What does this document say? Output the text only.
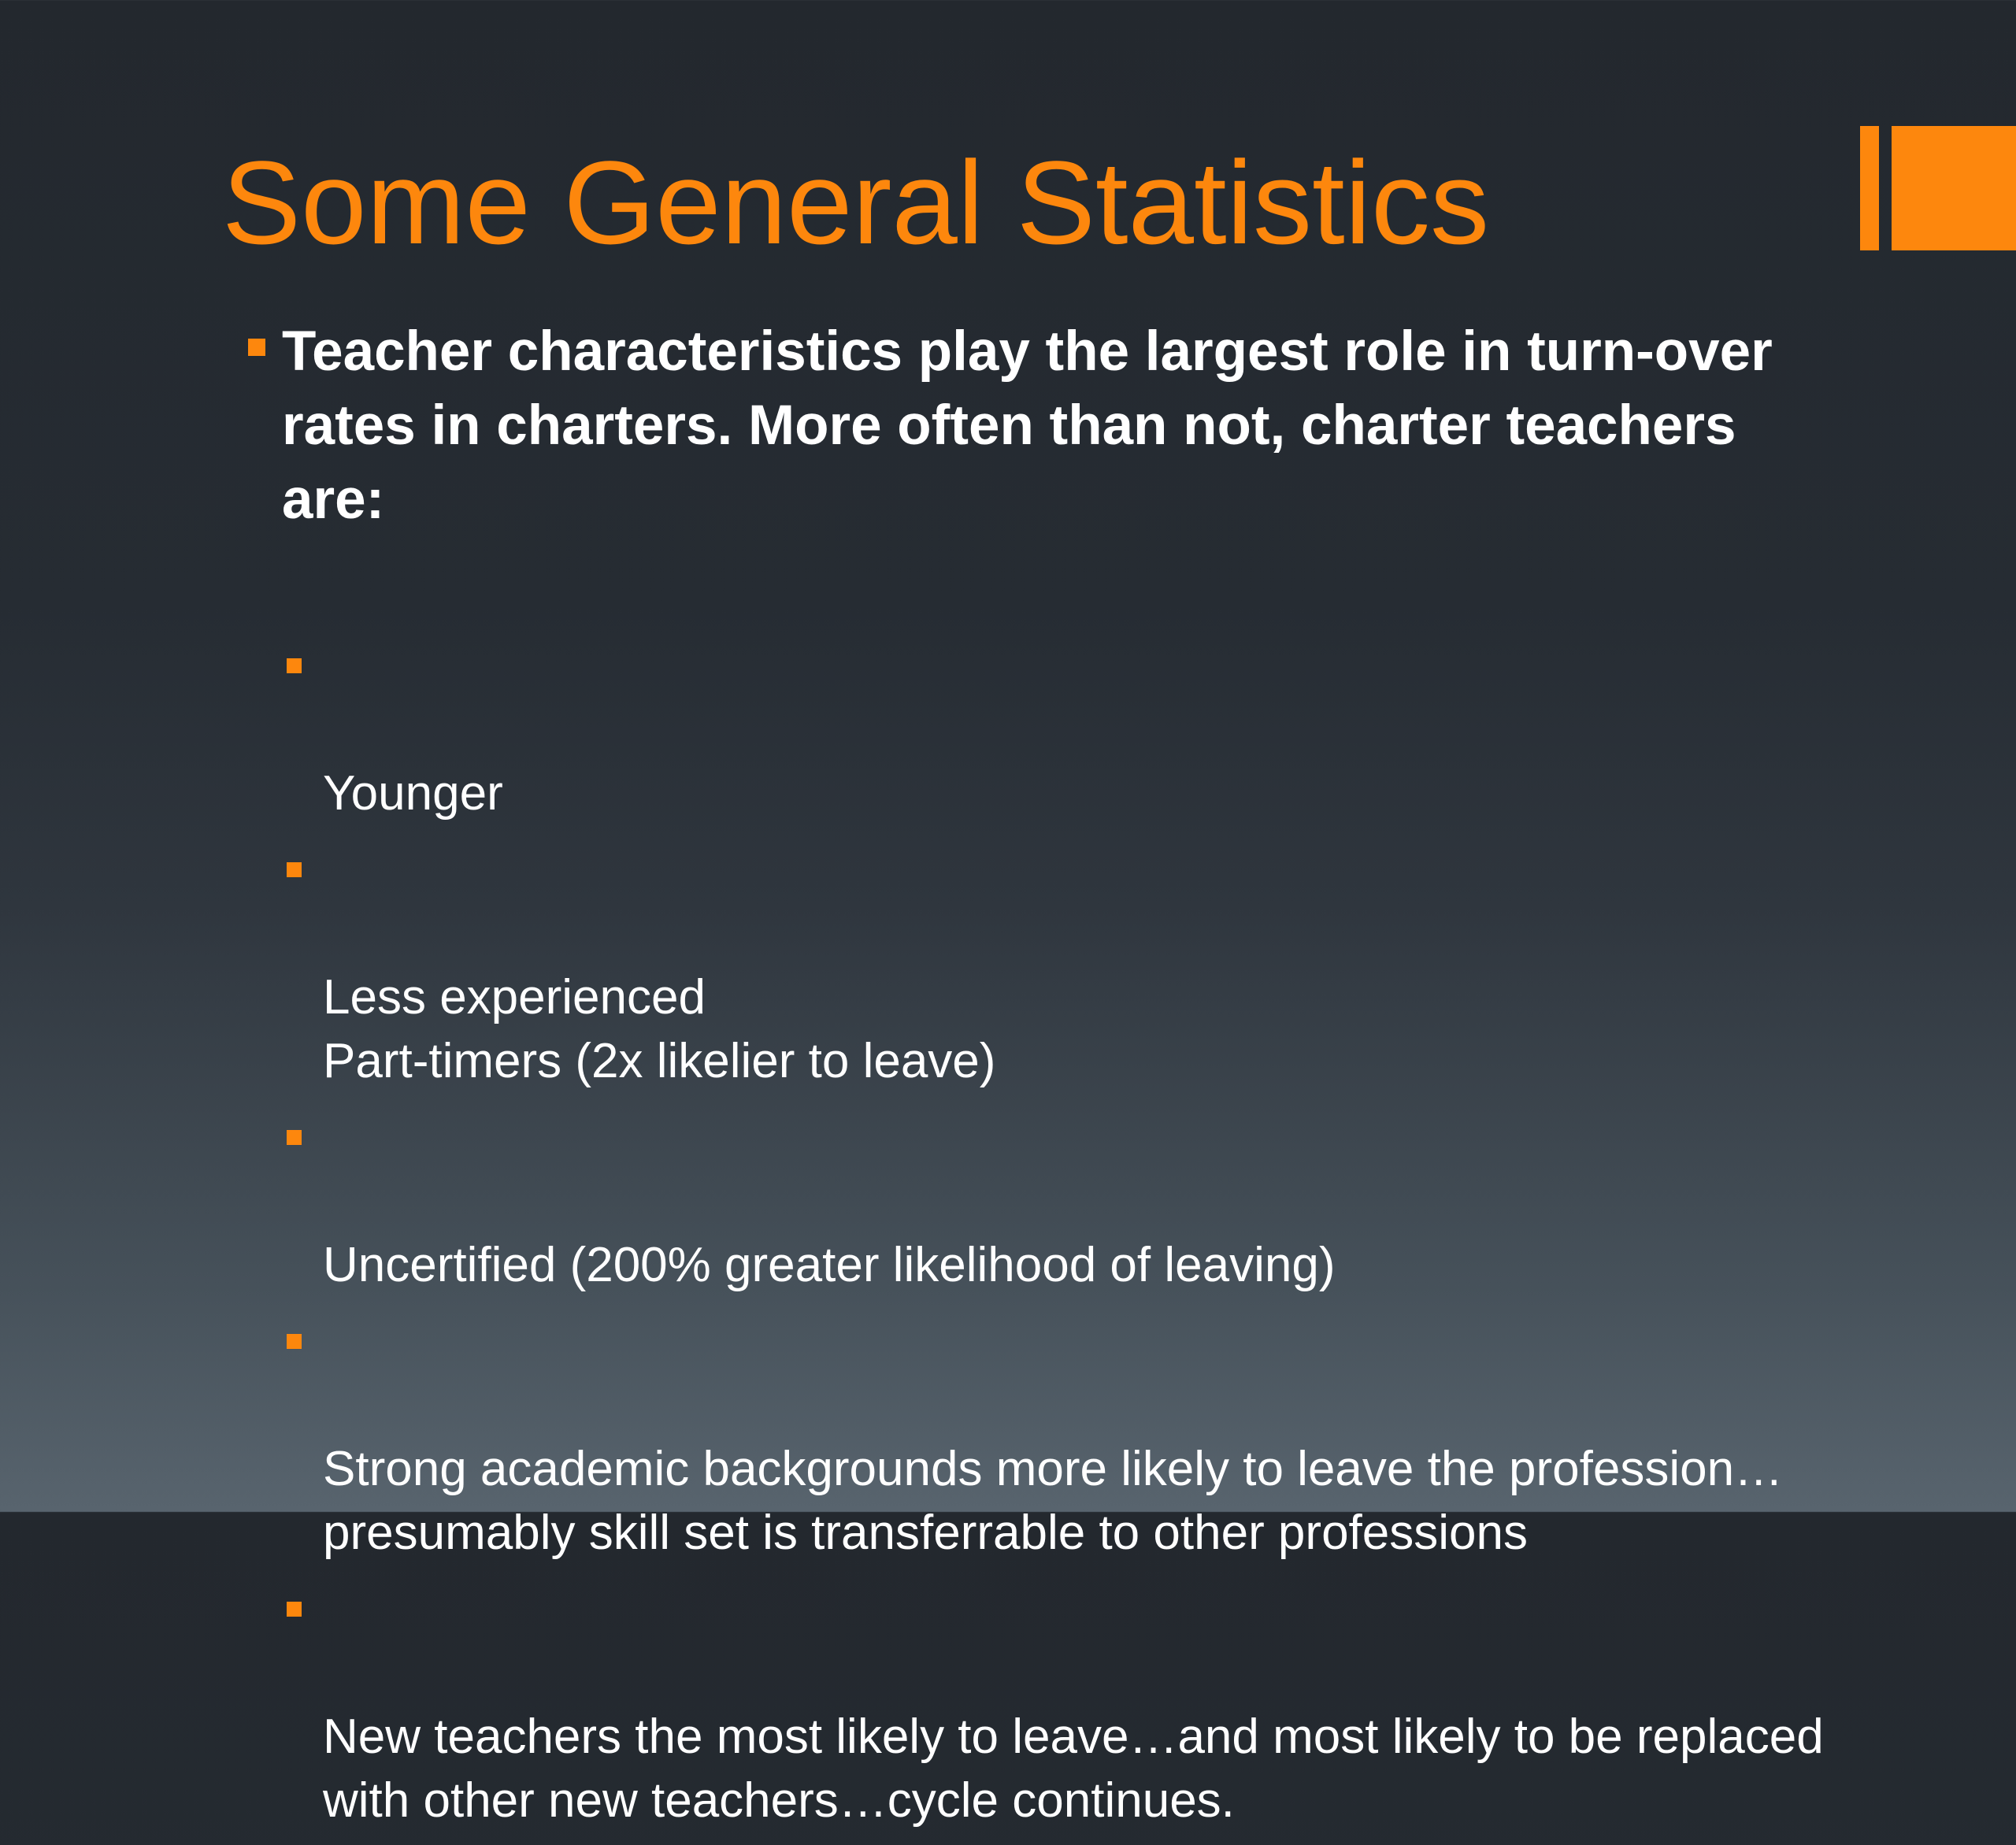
Some General Statistics

Teacher characteristics play the largest role in turn-over rates in charters. More often than not, charter teachers are:

Younger

Less experienced
Part-timers (2x likelier to leave)

Uncertified (200% greater likelihood of leaving)

Strong academic backgrounds more likely to leave the profession…presumably skill set is transferrable to other professions

New teachers the most likely to leave…and most likely to be replaced with other new teachers…cycle continues.
